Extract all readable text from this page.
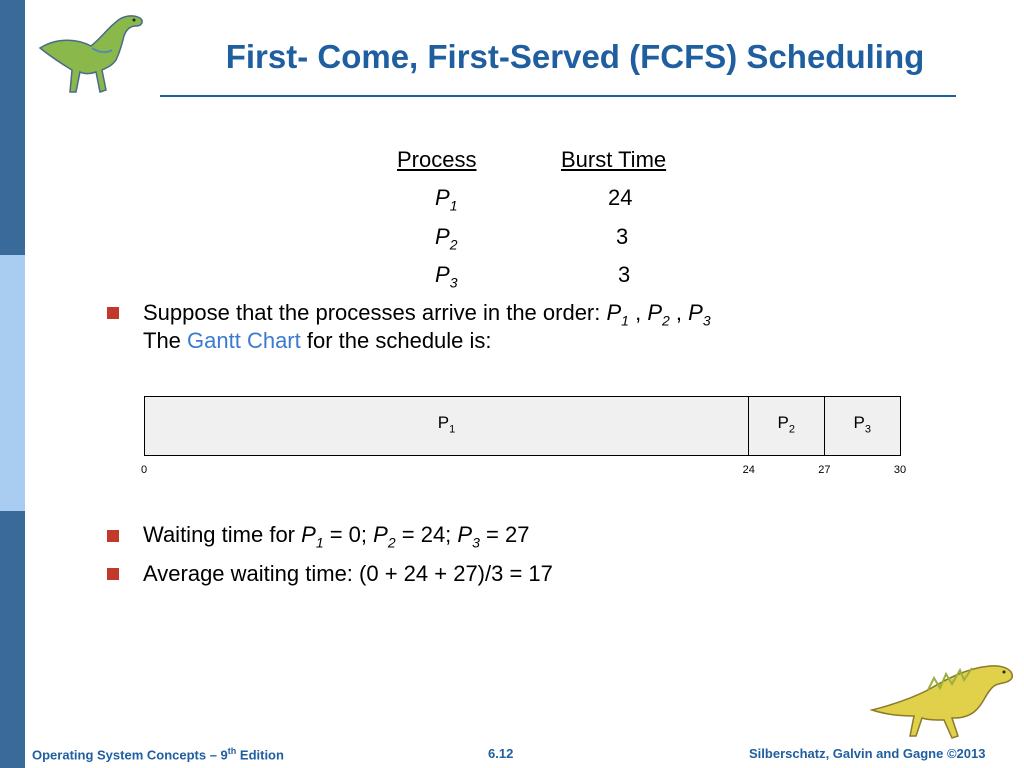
First- Come, First-Served (FCFS) Scheduling
Process	Burst Time
$P_1$	24
$P_2$	3
$P_3$	3
Suppose that the processes arrive in the order: $P_1$ , $P_2$ , $P_3$
The Gantt Chart for the schedule is:
$P_1$	$P_2$	$P_3$
0	24	27	30
Waiting time for $P_1 = 0$; $P_2 = 24$; $P_3 = 27$
Average waiting time: (0 + 24 + 27)/3 = 17
Operating System Concepts – 9th Edition	6.12	Silberschatz, Galvin and Gagne ©2013
